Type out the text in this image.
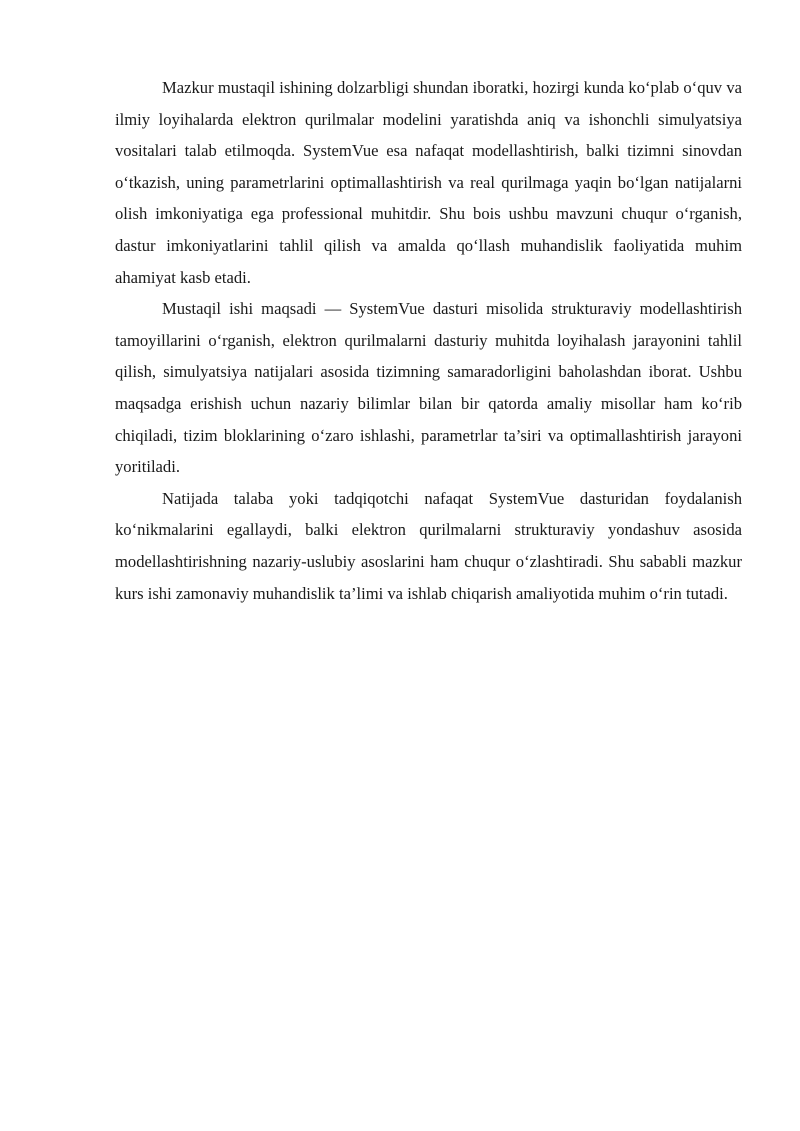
Mazkur mustaqil ishining dolzarbligi shundan iboratki, hozirgi kunda ko‘plab o‘quv va ilmiy loyihalarda elektron qurilmalar modelini yaratishda aniq va ishonchli simulyatsiya vositalari talab etilmoqda. SystemVue esa nafaqat modellashtirish, balki tizimni sinovdan o‘tkazish, uning parametrlarini optimallashtirish va real qurilmaga yaqin bo‘lgan natijalarni olish imkoniyatiga ega professional muhitdir. Shu bois ushbu mavzuni chuqur o‘rganish, dastur imkoniyatlarini tahlil qilish va amalda qo‘llash muhandislik faoliyatida muhim ahamiyat kasb etadi.

Mustaqil ishi maqsadi — SystemVue dasturi misolida strukturaviy modellashtirish tamoyillarini o‘rganish, elektron qurilmalarni dasturiy muhitda loyihalash jarayonini tahlil qilish, simulyatsiya natijalari asosida tizimning samaradorligini baholashdan iborat. Ushbu maqsadga erishish uchun nazariy bilimlar bilan bir qatorda amaliy misollar ham ko‘rib chiqiladi, tizim bloklarining o‘zaro ishlashi, parametrlar ta’siri va optimallashtirish jarayoni yoritiladi.

Natijada talaba yoki tadqiqotchi nafaqat SystemVue dasturidan foydalanish ko‘nikmalarini egallaydi, balki elektron qurilmalarni strukturaviy yondashuv asosida modellashtirishning nazariy-uslubiy asoslarini ham chuqur o‘zlashtiradi. Shu sababli mazkur kurs ishi zamonaviy muhandislik ta’limi va ishlab chiqarish amaliyotida muhim o‘rin tutadi.
